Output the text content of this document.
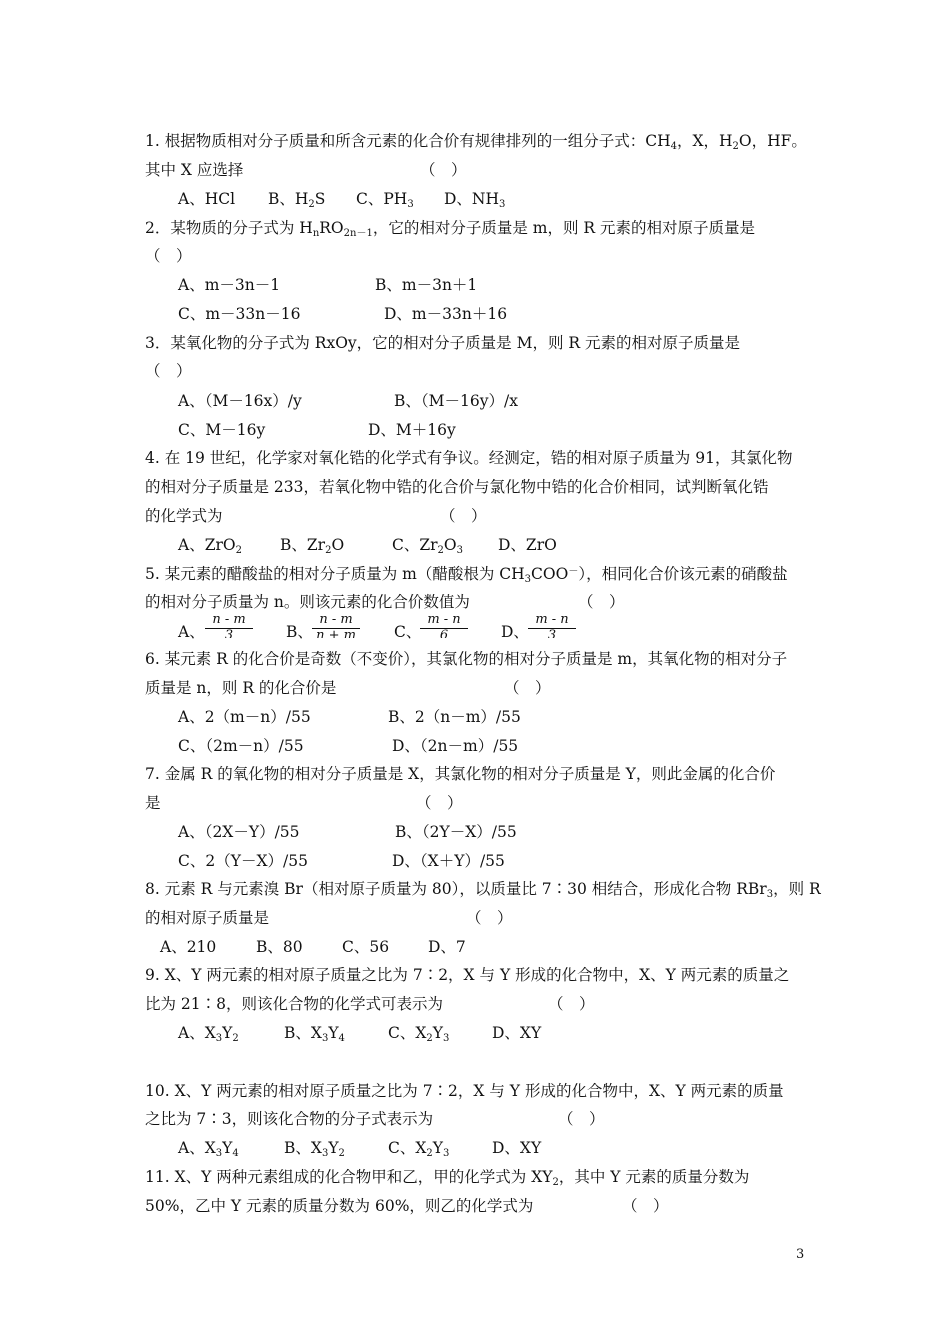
1. 根据物质相对分子质量和所含元素的化合价有规律排列的一组分子式：$CH_4$，X，$H_2O$，HF。
其中 X 应选择	（　）
A、HCl B、$H_2S$ C、$PH_3$ D、$NH_3$
2．某物质的分子式为 $H_nRO_{2n-1}$，它的相对分子质量是 m，则 R 元素的相对原子质量是
（　）
A、m－3n－1	B、m－3n＋1
C、m－33n－16	D、m－33n＋16
3．某氧化物的分子式为 RxOy，它的相对分子质量是 M，则 R 元素的相对原子质量是
（　）
A、（M－16x）/y	B、（M－16y）/x
C、M－16y	D、M＋16y
4. 在 19 世纪，化学家对氧化锆的化学式有争议。经测定，锆的相对原子质量为 91，其氯化物
的相对分子质量是 233，若氧化物中锆的化合价与氯化物中锆的化合价相同，试判断氧化锆
的化学式为	（　）
A、ZrO$_2$ B、$Zr_2O$	C、$Zr_2O_3$ D、ZrO
5. 某元素的醋酸盐的相对分子质量为 m（醋酸根为 $CH_3COO^-$），相同化合价该元素的硝酸盐
的相对分子质量为 n。则该元素的化合价数值为	（　）
A、 $\frac{n - m}{3}$ B、 $\frac{n - m}{n + m}$ C、
$\frac{m - n}{6}$ D、 $\frac{m - n}{3}$
6. 某元素 R 的化合价是奇数（不变价），其氯化物的相对分子质量是 m，其氧化物的相对分子
质量是 n，则 R 的化合价是	（　）
A、2（m－n）/55	B、2（n－m）/55
C、（2m－n）/55	D、（2n－m）/55
7. 金属 R 的氧化物的相对分子质量是 X，其氯化物的相对分子质量是 Y，则此金属的化合价
是	（　）
A、（2X－Y）/55	B、（2Y－X）/55
C、2（Y－X）/55	D、（X＋Y）/55
8. 元素 R 与元素溴 Br（相对原子质量为 80），以质量比 7∶30 相结合，形成化合物 RBr$_3$，则 R
的相对原子质量是	（　）
A、210	B、80	C、56	D、7
9. X、Y 两元素的相对原子质量之比为 7∶2，X 与 Y 形成的化合物中，X、Y 两元素的质量之
比为 21∶8，则该化合物的化学式可表示为	（　）
A、$X_3Y_2$	B、$X_3Y_4$	C、$X_2Y_3$	D、XY
10. X、Y 两元素的相对原子质量之比为 7∶2，X 与 Y 形成的化合物中，X、Y 两元素的质量
之比为 7∶3，则该化合物的分子式表示为	（　）
A、$X_3Y_4$	B、$X_3Y_2$	C、$X_2Y_3$	D、XY
11. X、Y 两种元素组成的化合物甲和乙，甲的化学式为 $XY_2$，其中 Y 元素的质量分数为
50%，乙中 Y 元素的质量分数为 60%，则乙的化学式为	（　）
3
